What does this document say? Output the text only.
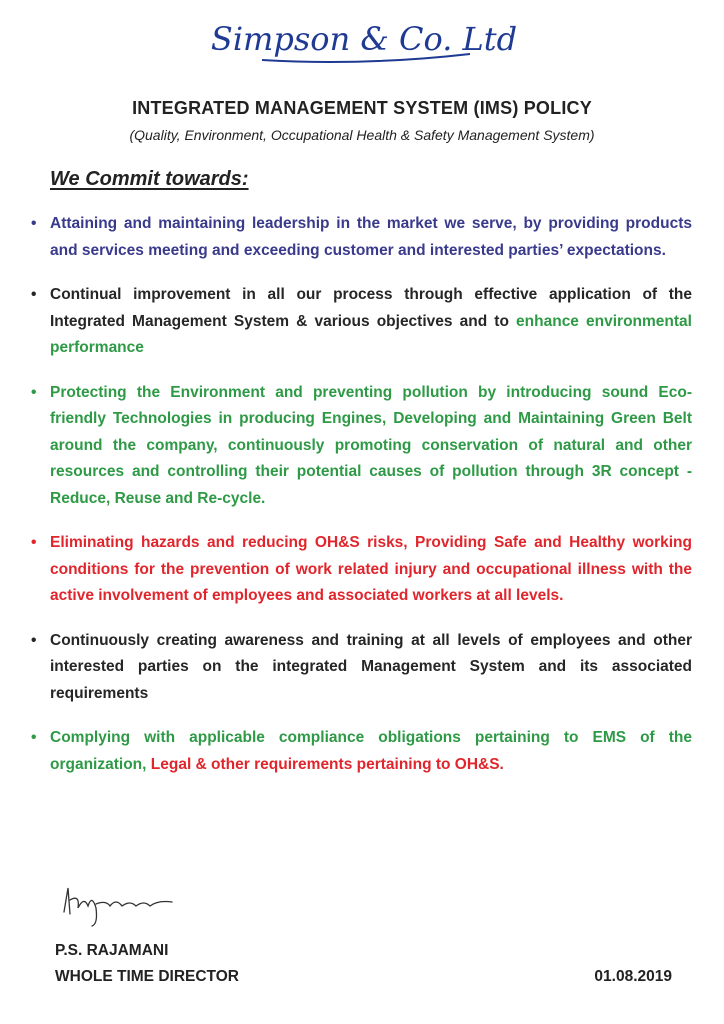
Simpson & Co. Ltd
INTEGRATED MANAGEMENT SYSTEM (IMS) POLICY
(Quality, Environment, Occupational Health & Safety Management System)
We Commit towards:
• Attaining and maintaining leadership in the market we serve, by providing products and services meeting and exceeding customer and interested parties’ expectations.
• Continual improvement in all our process through effective application of the Integrated Management System & various objectives and to enhance environmental performance
• Protecting the Environment and preventing pollution by introducing sound Eco-friendly Technologies in producing Engines, Developing and Maintaining Green Belt around the company, continuously promoting conservation of natural and other resources and controlling their potential causes of pollution through 3R concept - Reduce, Reuse and Re-cycle.
• Eliminating hazards and reducing OH&S risks, Providing Safe and Healthy working conditions for the prevention of work related injury and occupational illness with the active involvement of employees and associated workers at all levels.
• Continuously creating awareness and training at all levels of employees and other interested parties on the integrated Management System and its associated requirements
• Complying with applicable compliance obligations pertaining to EMS of the organization, Legal & other requirements pertaining to OH&S.
P.S. RAJAMANI
WHOLE TIME DIRECTOR	01.08.2019
